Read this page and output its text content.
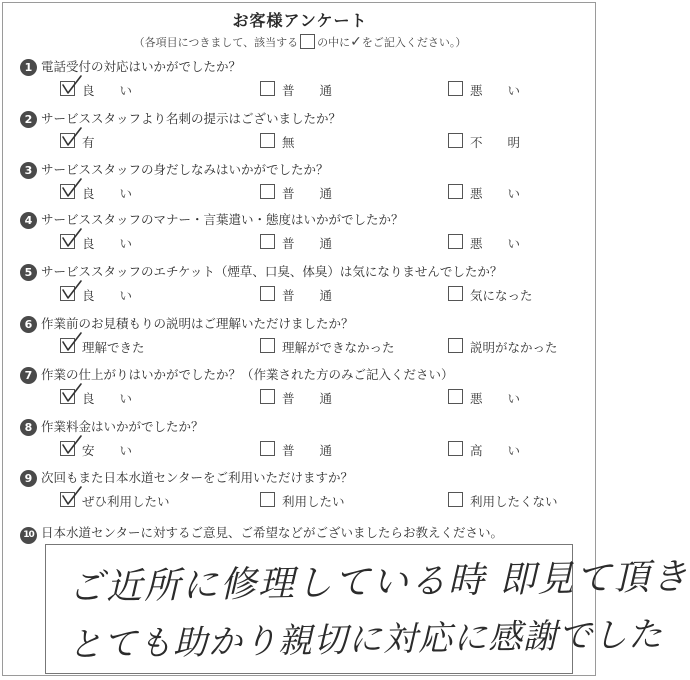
お客様アンケート
（各項目につきまして、該当する の中に✓をご記入ください。）
1 電話受付の対応はいかがでしたか？
良　　い	普　　通	悪　　い
2 サービススタッフより名刺の提示はございましたか？
有	無	不　　明
3 サービススタッフの身だしなみはいかがでしたか？
良　　い	普　　通	悪　　い
4 サービススタッフのマナー・言葉遣い・態度はいかがでしたか？
良　　い	普　　通	悪　　い
5 サービススタッフのエチケット（煙草、口臭、体臭）は気になりませんでしたか？
良　　い	普　　通	気になった
6 作業前のお見積もりの説明はご理解いただけましたか？
理解できた	理解ができなかった	説明がなかった
7 作業の仕上がりはいかがでしたか？（作業された方のみご記入ください）
良　　い	普　　通	悪　　い
8 作業料金はいかがでしたか？
安　　い	普　　通	高　　い
9 次回もまた日本水道センターをご利用いただけますか？
ぜひ利用したい	利用したい	利用したくない
10 日本水道センターに対するご意見、ご希望などがございましたらお教えください。
ご近所に修理している時 即見て頂き
とても助かり親切に対応に感謝でした
